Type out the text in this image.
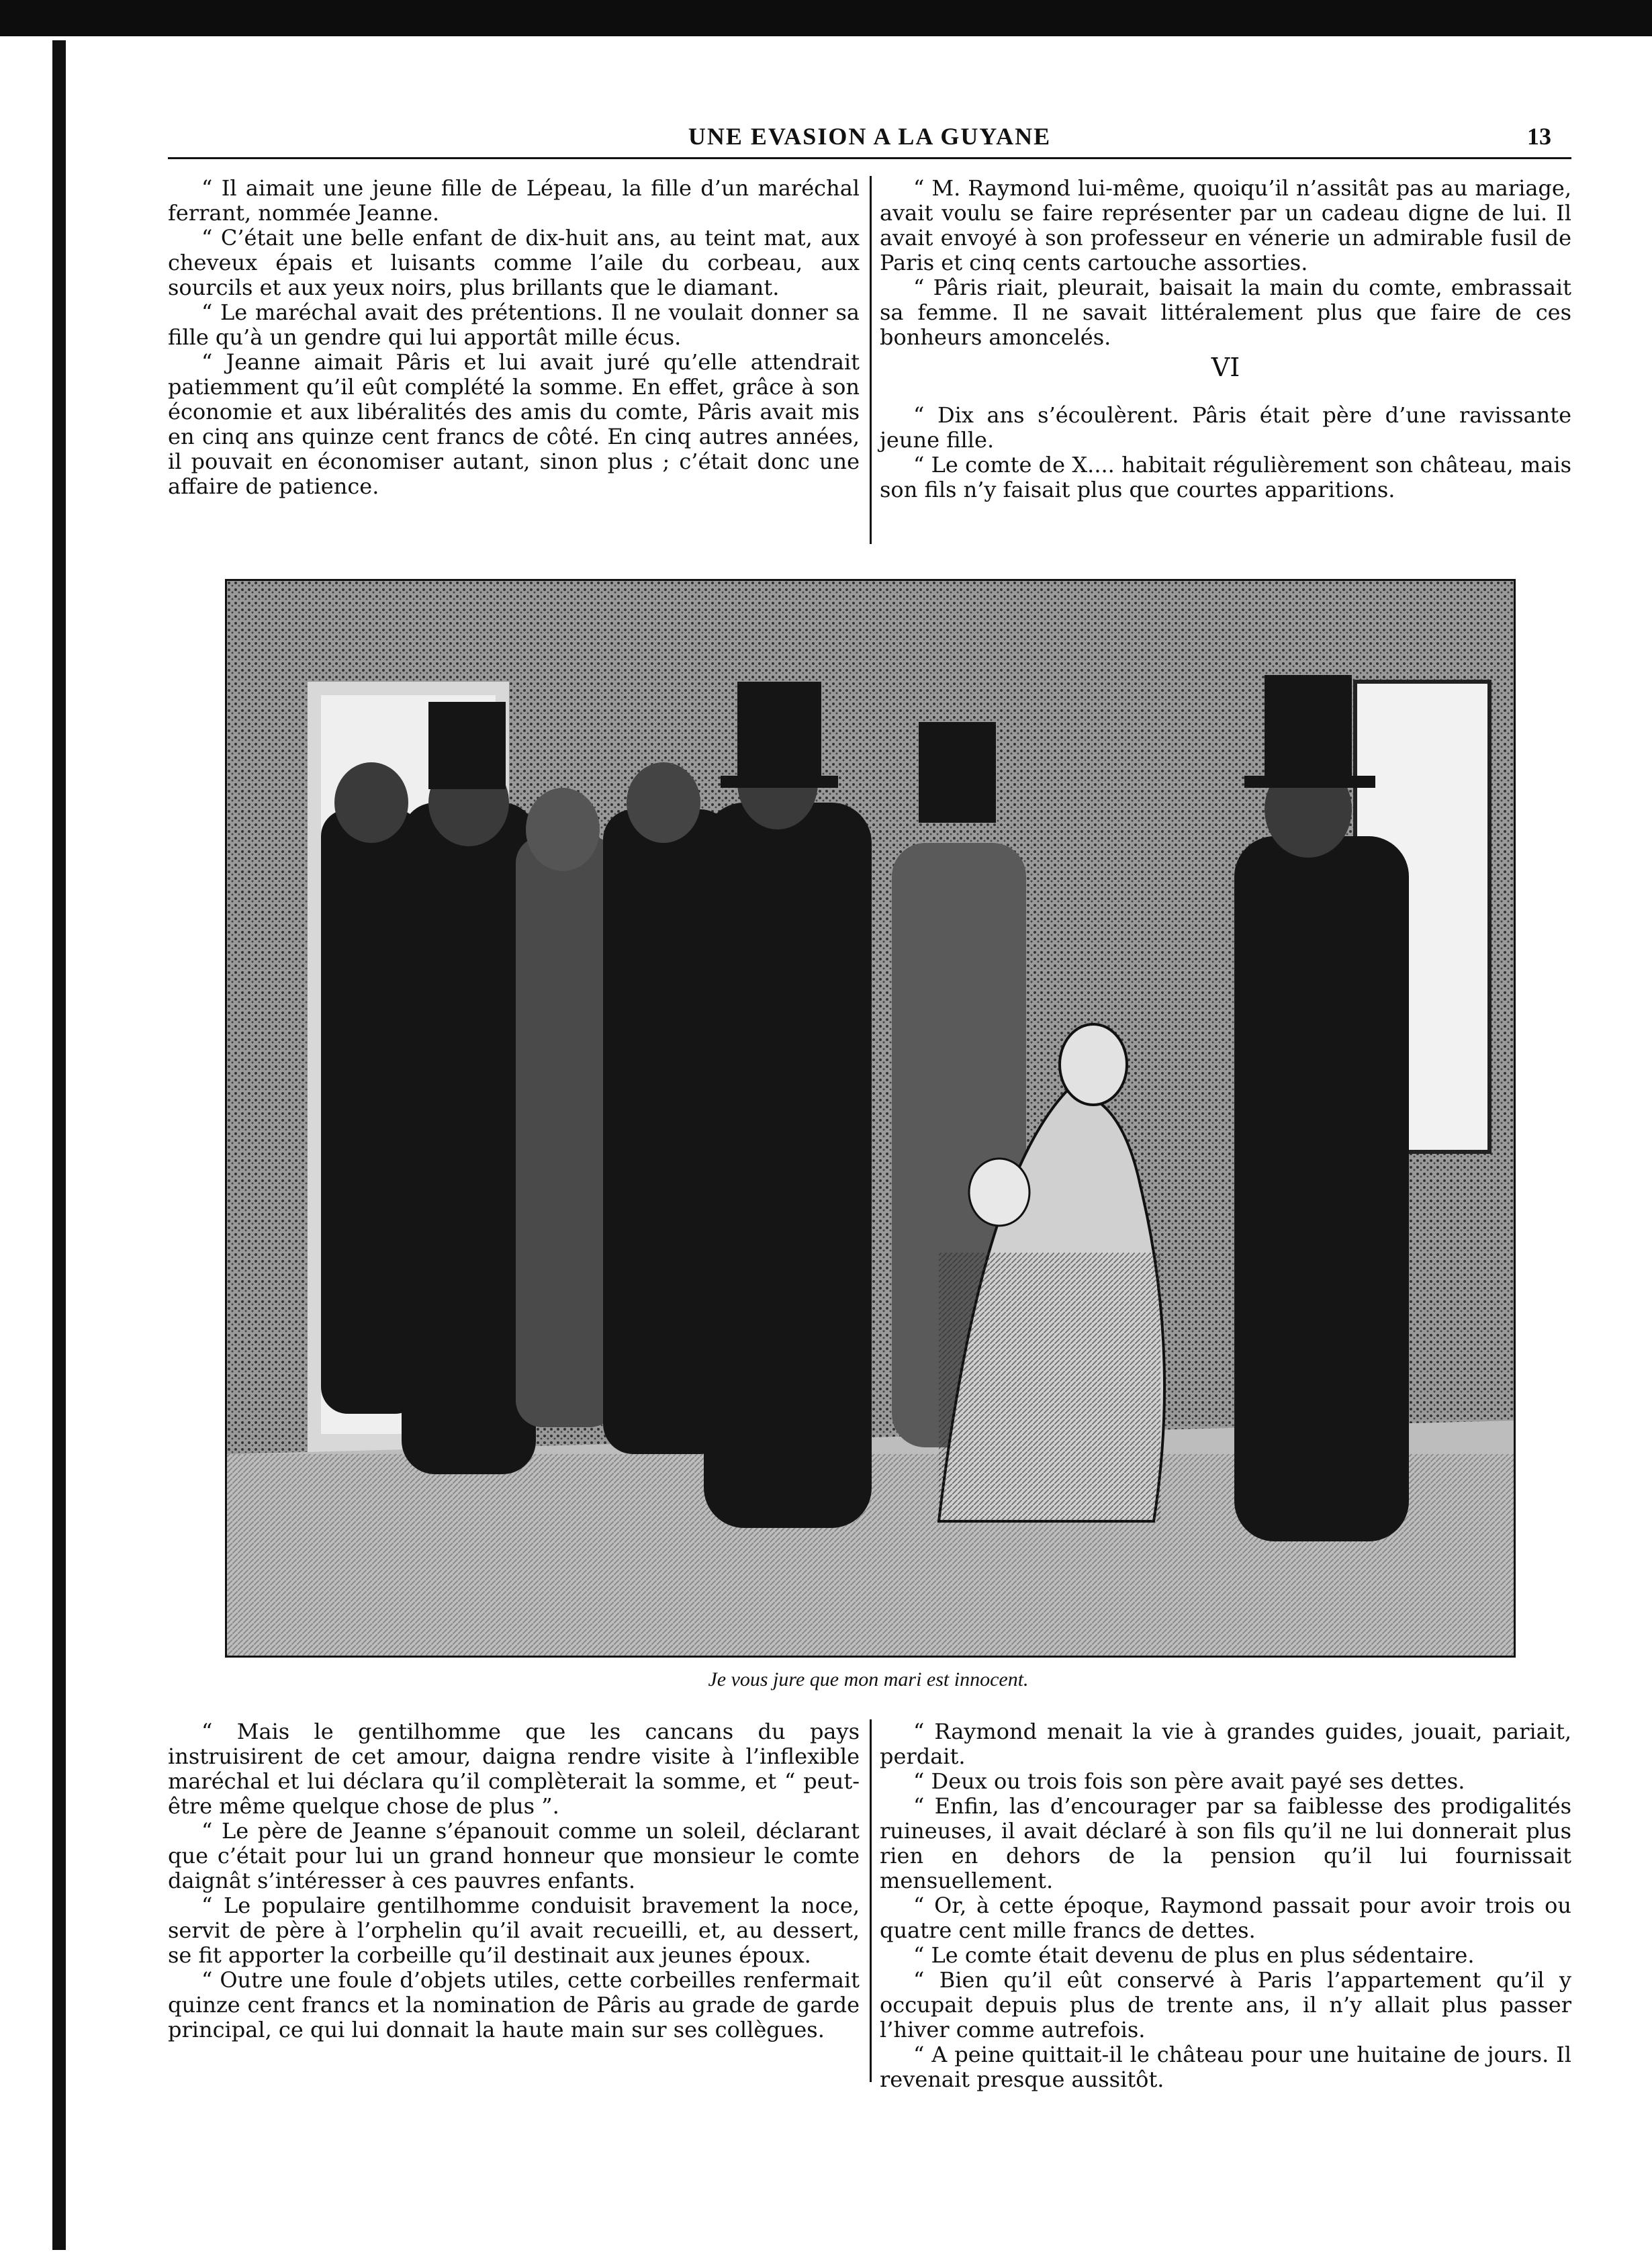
UNE EVASION A LA GUYANE	13

“ Il aimait une jeune fille de Lépeau, la fille d’un maréchal ferrant, nommée Jeanne.

“ C’était une belle enfant de dix-huit ans, au teint mat, aux cheveux épais et luisants comme l’aile du corbeau, aux sourcils et aux yeux noirs, plus brillants que le diamant.

“ Le maréchal avait des prétentions. Il ne voulait donner sa fille qu’à un gendre qui lui apportât mille écus.

“ Jeanne aimait Pâris et lui avait juré qu’elle attendrait patiemment qu’il eût complété la somme. En effet, grâce à son économie et aux libéralités des amis du comte, Pâris avait mis en cinq ans quinze cent francs de côté. En cinq autres années, il pouvait en économiser autant, sinon plus ; c’était donc une affaire de patience.

“ M. Raymond lui-même, quoiqu’il n’assitât pas au mariage, avait voulu se faire représenter par un cadeau digne de lui. Il avait envoyé à son professeur en vénerie un admirable fusil de Paris et cinq cents cartouche assorties.

“ Pâris riait, pleurait, baisait la main du comte, embrassait sa femme. Il ne savait littéralement plus que faire de ces bonheurs amoncelés.

VI

“ Dix ans s’écoulèrent. Pâris était père d’une ravissante jeune fille.

“ Le comte de X.... habitait régulièrement son château, mais son fils n’y faisait plus que courtes apparitions.

Je vous jure que mon mari est innocent.

“ Mais le gentilhomme que les cancans du pays instruisirent de cet amour, daigna rendre visite à l’inflexible maréchal et lui déclara qu’il complèterait la somme, et “ peut-être même quelque chose de plus ”.

“ Le père de Jeanne s’épanouit comme un soleil, déclarant que c’était pour lui un grand honneur que monsieur le comte daignât s’intéresser à ces pauvres enfants.

“ Le populaire gentilhomme conduisit bravement la noce, servit de père à l’orphelin qu’il avait recueilli, et, au dessert, se fit apporter la corbeille qu’il destinait aux jeunes époux.

“ Outre une foule d’objets utiles, cette corbeilles renfermait quinze cent francs et la nomination de Pâris au grade de garde principal, ce qui lui donnait la haute main sur ses collègues.

“ Raymond menait la vie à grandes guides, jouait, pariait, perdait.

“ Deux ou trois fois son père avait payé ses dettes.

“ Enfin, las d’encourager par sa faiblesse des prodigalités ruineuses, il avait déclaré à son fils qu’il ne lui donnerait plus rien en dehors de la pension qu’il lui fournissait mensuellement.

“ Or, à cette époque, Raymond passait pour avoir trois ou quatre cent mille francs de dettes.

“ Le comte était devenu de plus en plus sédentaire.

“ Bien qu’il eût conservé à Paris l’appartement qu’il y occupait depuis plus de trente ans, il n’y allait plus passer l’hiver comme autrefois.

“ A peine quittait-il le château pour une huitaine de jours. Il revenait presque aussitôt.
